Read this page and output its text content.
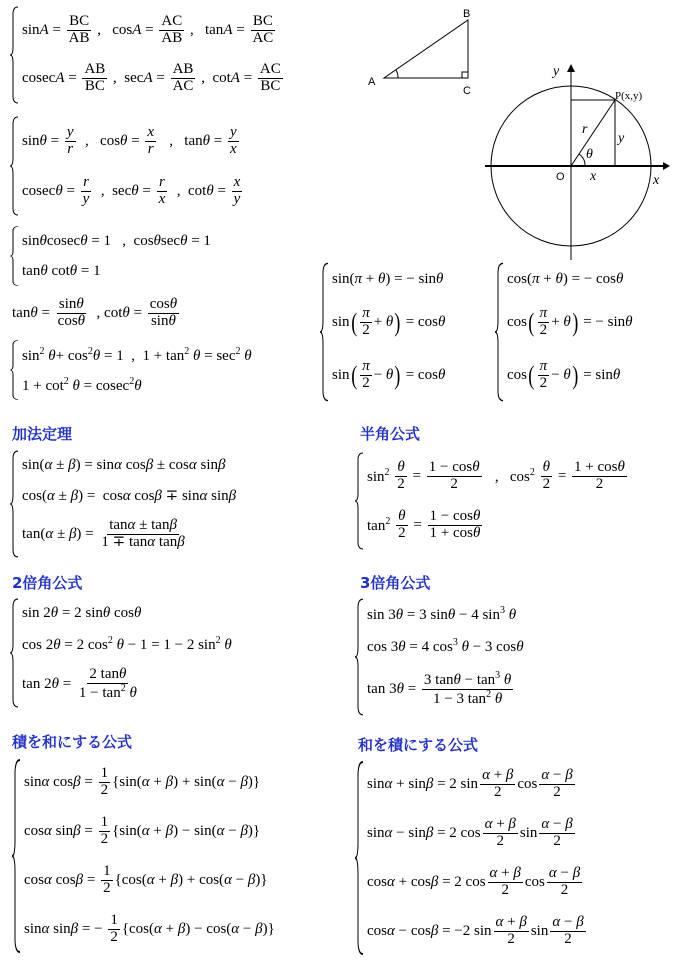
$\sin A = \frac{BC}{AB}$ ,   $\cos A = \frac{AC}{AB}$ ,   $\tan A = \frac{BC}{AC}$
$cosecA = \frac{AB}{BC}$ ,  $\sec A = \frac{AB}{AC}$ ,  $\cot A = \frac{AC}{BC}$	A
B
C
$\sin\theta = \frac{y}{r}$ ,   $\cos\theta = \frac{x}{r}$ ,   $\tan\theta = \frac{y}{x}$
$cosec\theta = \frac{r}{y}$ ,  $\sec\theta = \frac{r}{x}$ ,  $\cot\theta = \frac{x}{y}$
y
P(x,y)
r
y
θ
O x	x
sinθcosecθ = 1   ,  cosθsecθ = 1
tanθ cotθ = 1
$\tan\theta = \frac{\sin\theta}{\cos\theta}$ , $\cot\theta = \frac{\cos\theta}{\sin\theta}$
$\sin^2 \theta+ \cos^2\theta = 1$  ,  $1 + \tan^2 \theta = \sec^2 \theta$
$1 + \cot^2 \theta = cosec^2\theta$
sin(π + θ) = − sinθ
sin ( π
2 + θ ) = cosθ
sin ( π
2 − θ ) = cosθ
cos(π + θ) = − cosθ
cos ( π
2 + θ ) = − sinθ
cos ( π
2 − θ ) = sinθ
加法定理
sin(α ± β) = sinα cosβ ± cosα sinβ
cos(α ± β) =  cosα cosβ ∓ sinα sinβ
$\tan(\alpha \pm \beta) = \frac{\tan\alpha \pm \tan\beta}{\text{1 ∓ tanα tanβ}}$
半角公式
$\sin^2 \frac{\theta}{2} = \frac{1 - \cos\theta}{2}$ ,   $\cos^2 \frac{\theta}{2} = \frac{1 + \cos\theta}{2}$
$\tan^2 \frac{\theta}{2} = \frac{1 - \cos\theta}{1 + \cos\theta}$
2倍角公式
sin 2θ = 2 sinθ cosθ
cos 2θ = 2 $\cos^2 \theta - 1 = 1 - 2$ $\sin^2 \theta$
$\tan 2\theta = \frac{2 \tan\theta}{1 - \tan^2 \theta}$
3倍角公式
sin 3θ = 3 sinθ − 4 $\sin^3 \theta$
cos 3θ = 4 $\cos^3 \theta - 3$ cosθ
$\tan 3\theta = \frac{3 \tan\theta - \tan^3 \theta}{1 - 3 \tan^2 \theta}$
積を和にする公式
sinα $\cos\beta = \frac{1}{2} \{\sin(\alpha + \beta) + \sin(\alpha - \beta)\}$
cosα $\sin\beta = \frac{1}{2} \{\sin(\alpha + \beta) - \sin(\alpha - \beta)\}$
cosα $\cos\beta = \frac{1}{2} \{\cos(\alpha + \beta) + \cos(\alpha - \beta)\}$
sinα sinβ = − $\frac{1}{2} \{\cos(\alpha + \beta) - \cos(\alpha - \beta)\}$
和を積にする公式
sinα + sinβ = 2 sin
α + β
2 cos
α − β
2
sinα − sinβ = 2 cos
α + β
2 sin
α − β
2
cosα + cosβ = 2 cos
α + β
2 cos
α − β
2
cosα − cosβ = −2 sin
α + β
2 sin
α − β
2
